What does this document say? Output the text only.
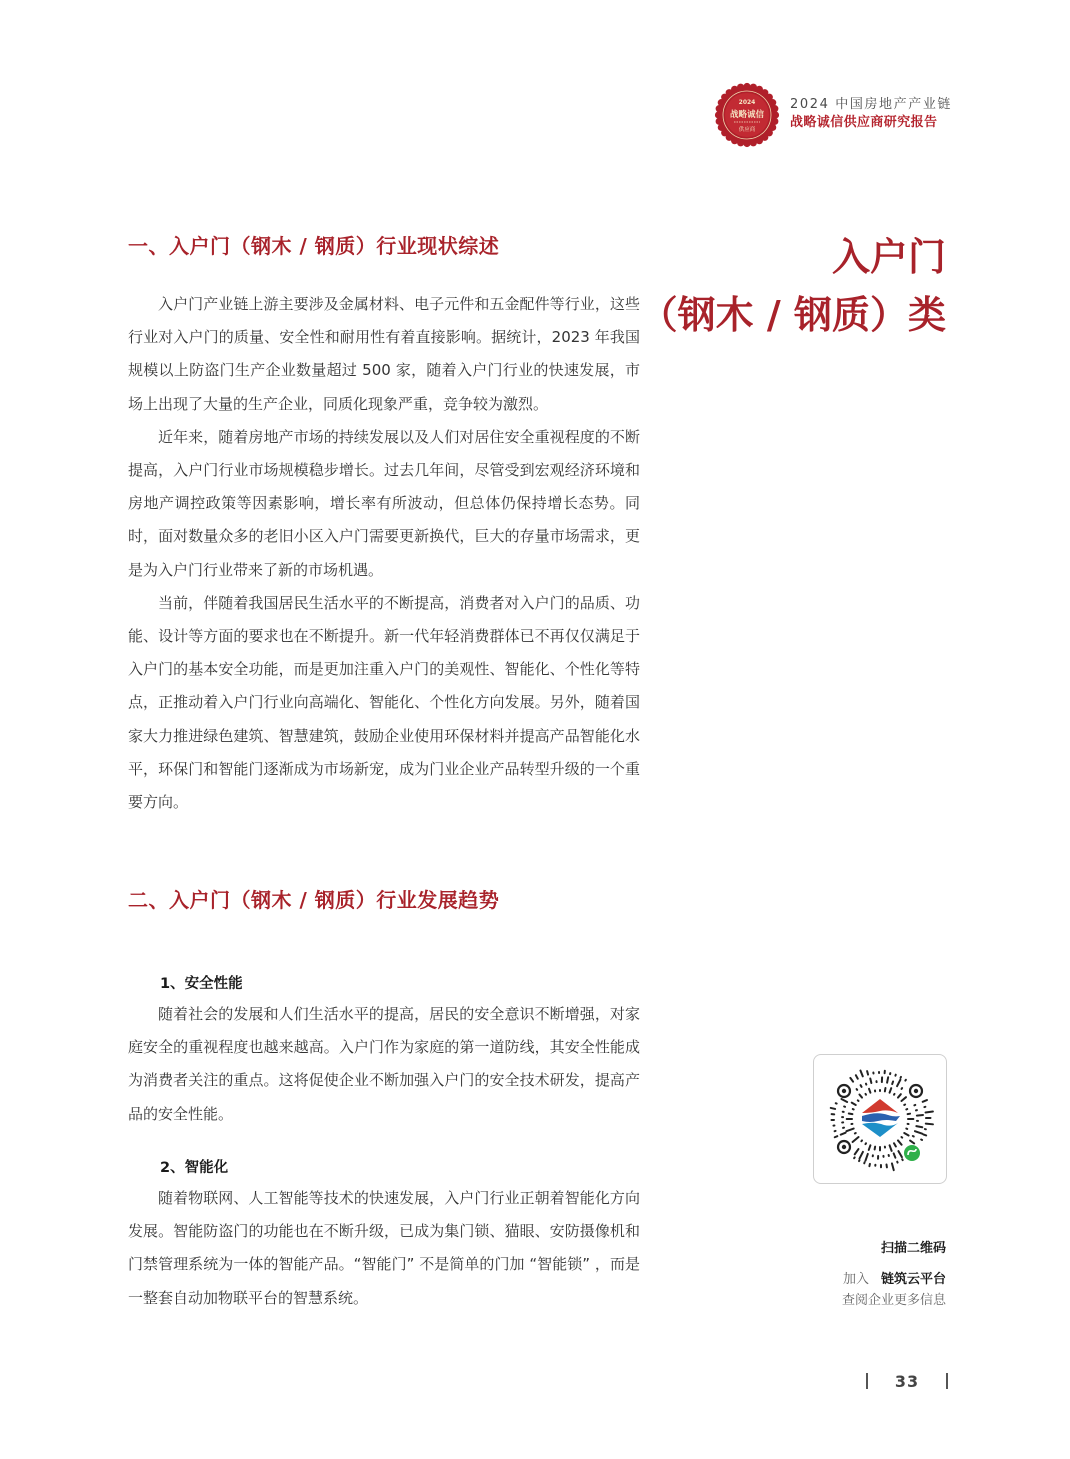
2024
战略诚信
供应商
2024 中国房地产产业链
战略诚信供应商研究报告
入户门
（钢木 / 钢质）类
一、入户门（钢木 / 钢质）行业现状综述

入户门产业链上游主要涉及金属材料、电子元件和五金配件等行业，这些行业对入户门的质量、安全性和耐用性有着直接影响。据统计，2023 年我国规模以上防盗门生产企业数量超过 500 家，随着入户门行业的快速发展，市场上出现了大量的生产企业，同质化现象严重，竞争较为激烈。

近年来，随着房地产市场的持续发展以及人们对居住安全重视程度的不断提高，入户门行业市场规模稳步增长。过去几年间，尽管受到宏观经济环境和房地产调控政策等因素影响，增长率有所波动，但总体仍保持增长态势。同时，面对数量众多的老旧小区入户门需要更新换代，巨大的存量市场需求，更是为入户门行业带来了新的市场机遇。

当前，伴随着我国居民生活水平的不断提高，消费者对入户门的品质、功能、设计等方面的要求也在不断提升。新一代年轻消费群体已不再仅仅满足于入户门的基本安全功能，而是更加注重入户门的美观性、智能化、个性化等特点，正推动着入户门行业向高端化、智能化、个性化方向发展。另外，随着国家大力推进绿色建筑、智慧建筑，鼓励企业使用环保材料并提高产品智能化水平，环保门和智能门逐渐成为市场新宠，成为门业企业产品转型升级的一个重要方向。

二、入户门（钢木 / 钢质）行业发展趋势
1、安全性能

随着社会的发展和人们生活水平的提高，居民的安全意识不断增强，对家庭安全的重视程度也越来越高。入户门作为家庭的第一道防线，其安全性能成为消费者关注的重点。这将促使企业不断加强入户门的安全技术研发，提高产品的安全性能。

2、智能化

随着物联网、人工智能等技术的快速发展，入户门行业正朝着智能化方向发展。智能防盗门的功能也在不断升级，已成为集门锁、猫眼、安防摄像机和门禁管理系统为一体的智能产品。“智能门” 不是简单的门加 “智能锁” ，而是一整套自动加物联平台的智慧系统。

扫描二维码
加入 链筑云平台
查阅企业更多信息
33
